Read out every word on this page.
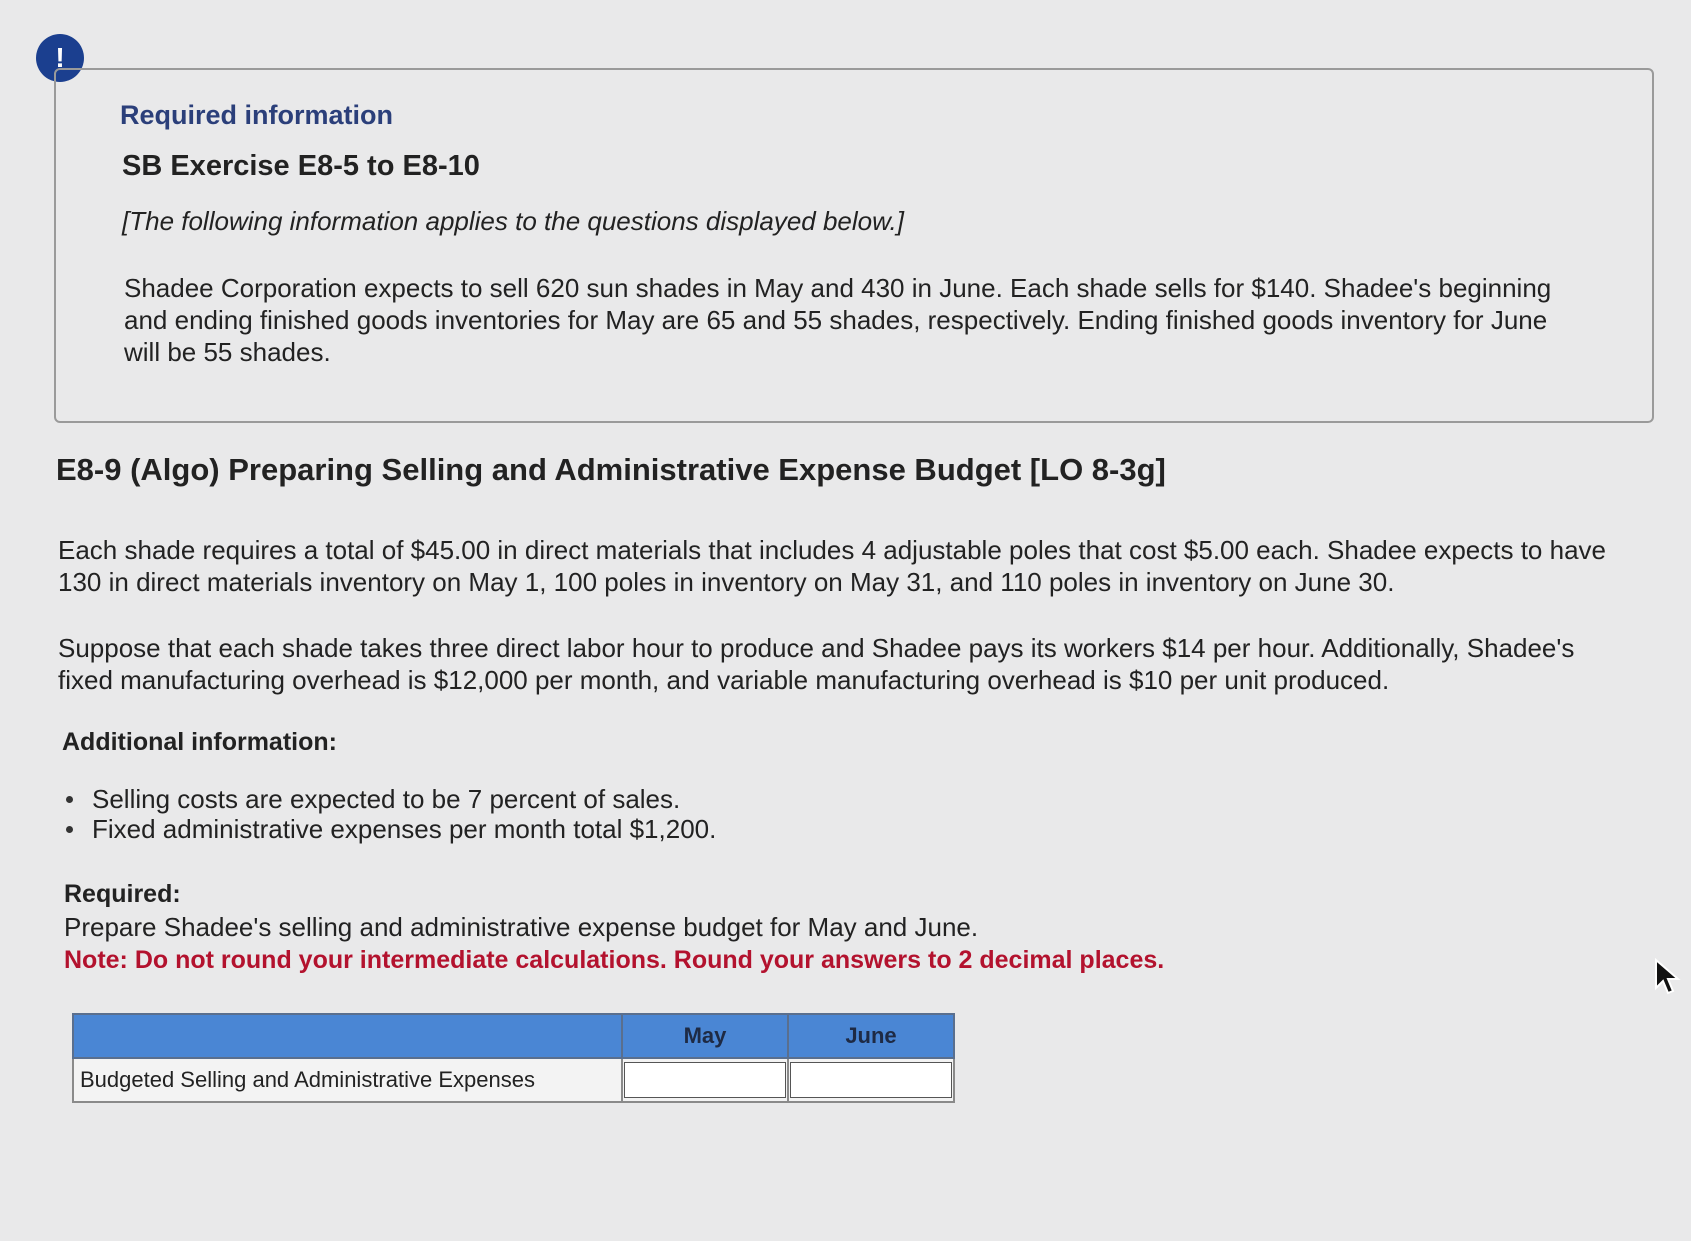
!
Required information
SB Exercise E8-5 to E8-10
[The following information applies to the questions displayed below.]
Shadee Corporation expects to sell 620 sun shades in May and 430 in June. Each shade sells for $140. Shadee's beginning and ending finished goods inventories for May are 65 and 55 shades, respectively. Ending finished goods inventory for June will be 55 shades.
E8-9 (Algo) Preparing Selling and Administrative Expense Budget [LO 8-3g]
Each shade requires a total of $45.00 in direct materials that includes 4 adjustable poles that cost $5.00 each. Shadee expects to have 130 in direct materials inventory on May 1, 100 poles in inventory on May 31, and 110 poles in inventory on June 30.
Suppose that each shade takes three direct labor hour to produce and Shadee pays its workers $14 per hour. Additionally, Shadee's fixed manufacturing overhead is $12,000 per month, and variable manufacturing overhead is $10 per unit produced.
Additional information:
Selling costs are expected to be 7 percent of sales.
Fixed administrative expenses per month total $1,200.
Required:
Prepare Shadee's selling and administrative expense budget for May and June.
Note: Do not round your intermediate calculations. Round your answers to 2 decimal places.
	May	June
Budgeted Selling and Administrative Expenses		
